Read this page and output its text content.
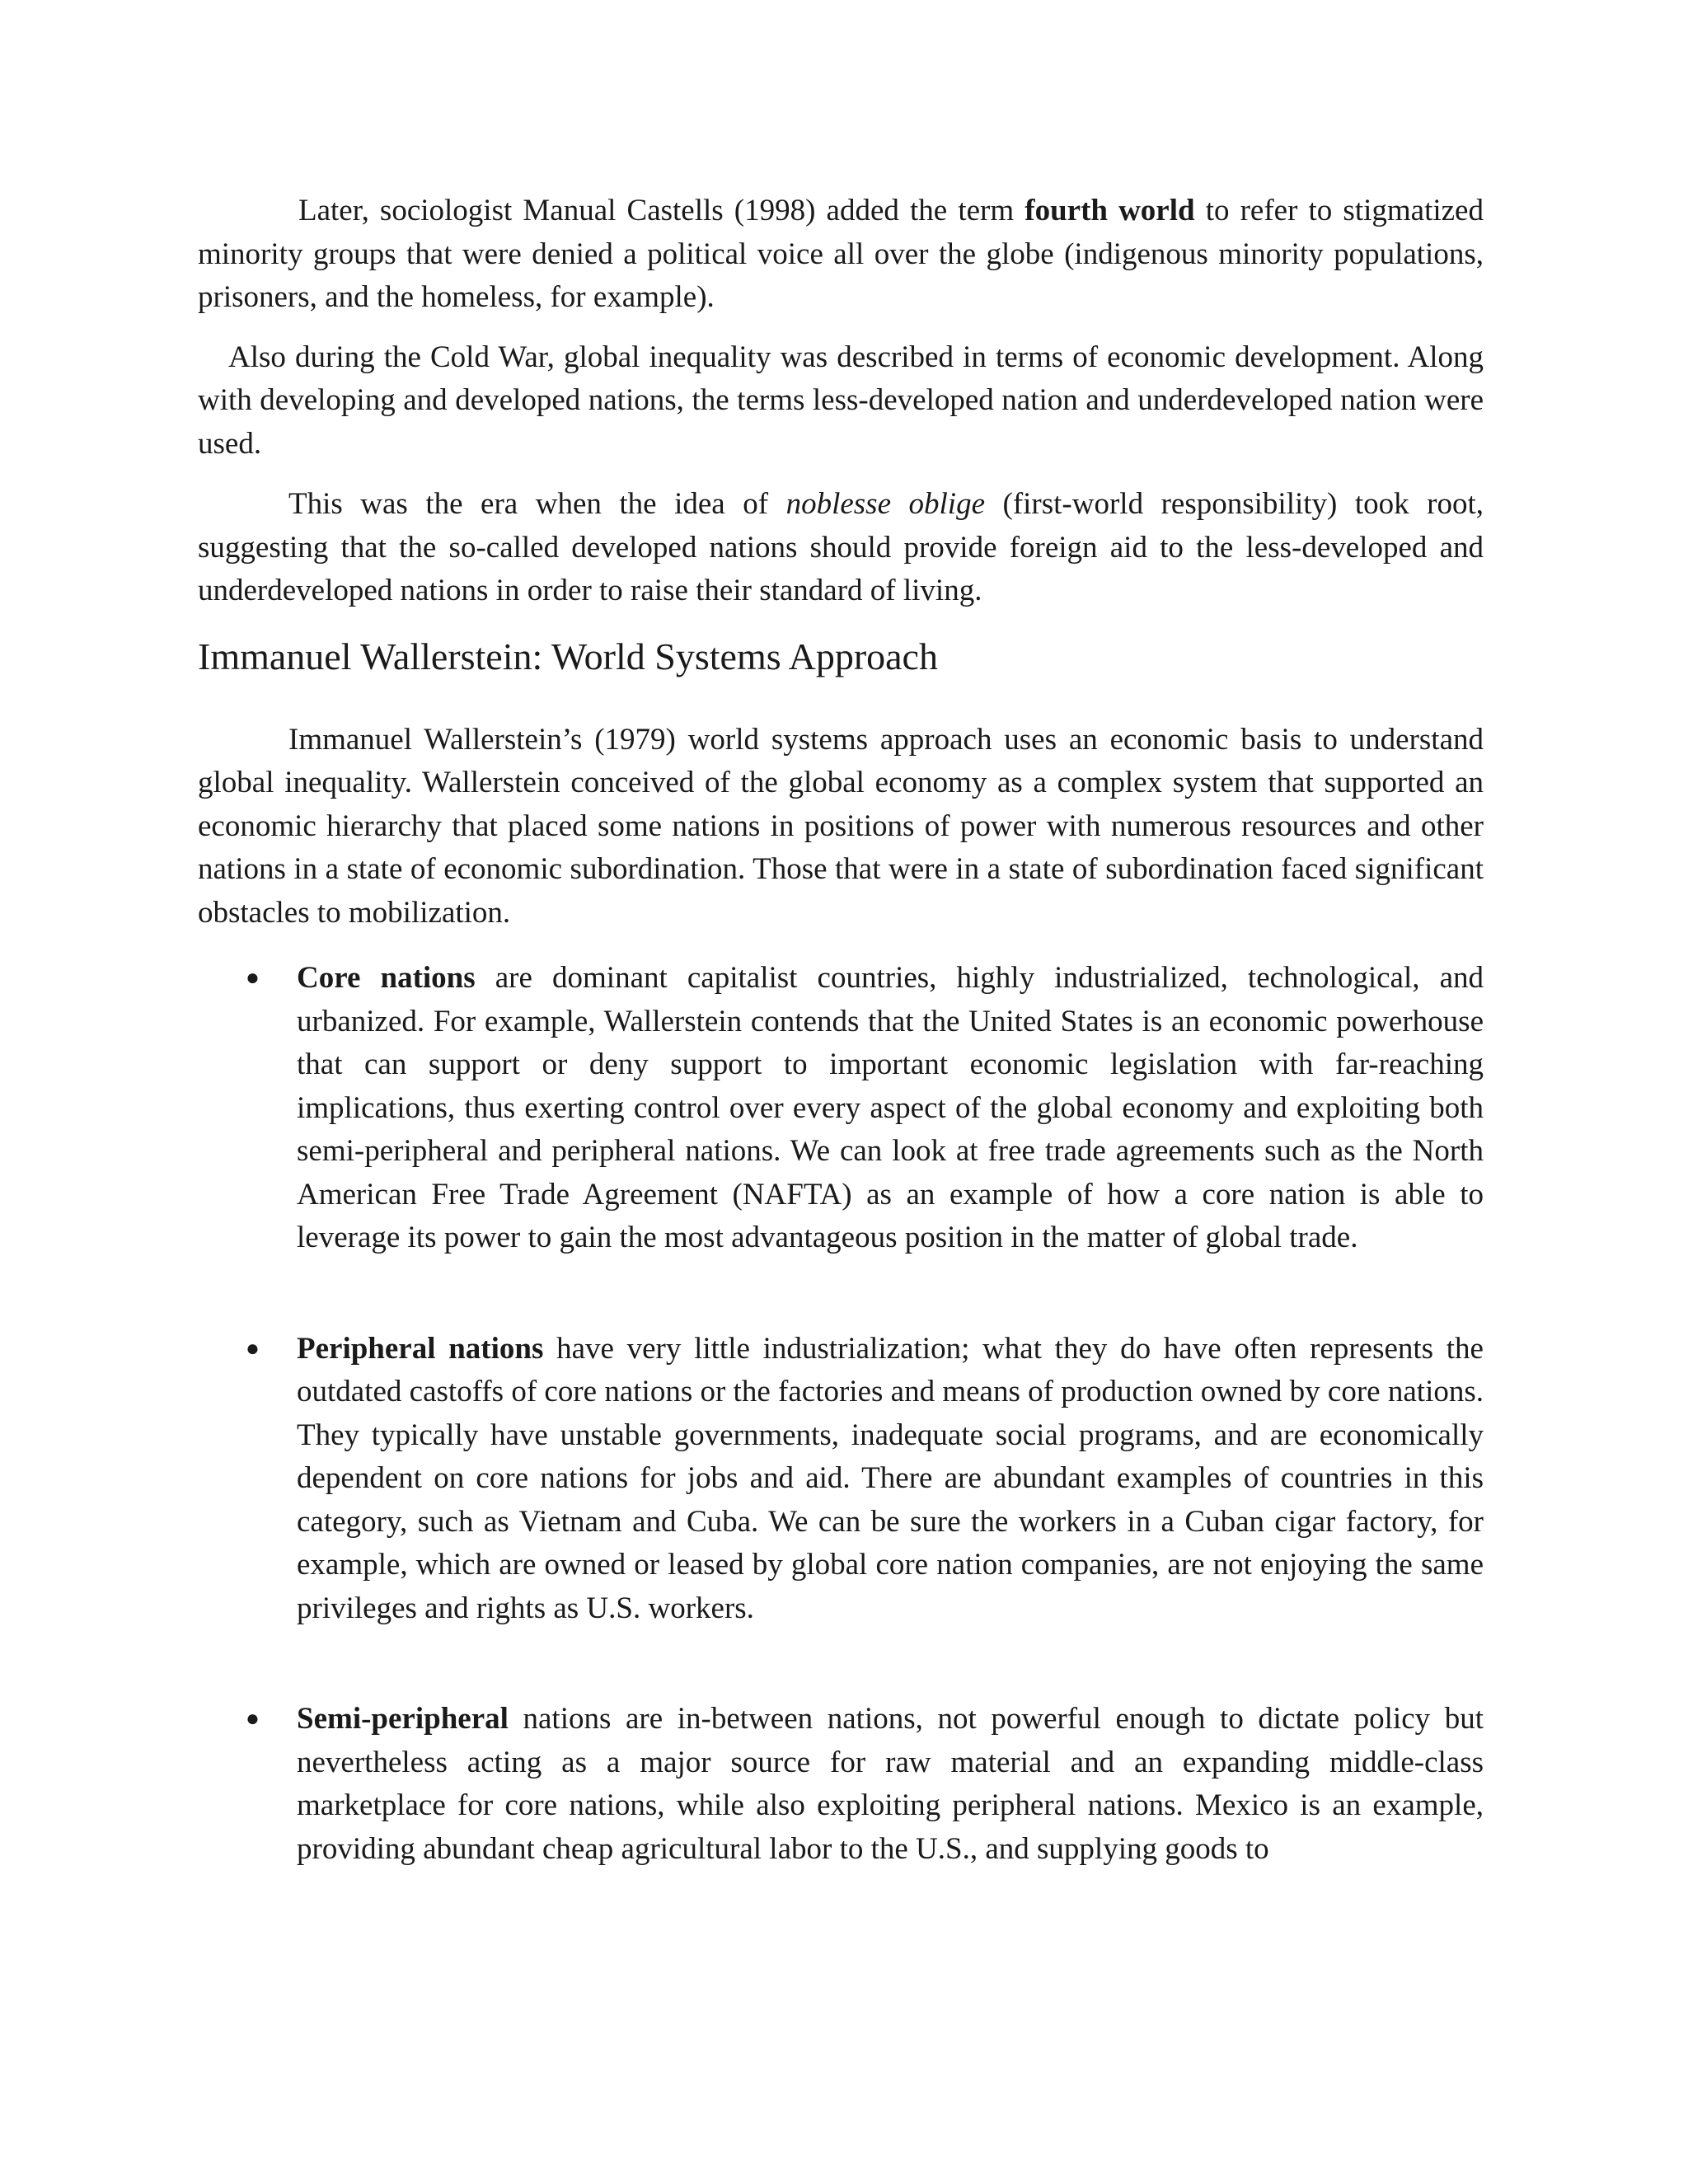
Later, sociologist Manual Castells (1998) added the term fourth world to refer to stigmatized minority groups that were denied a political voice all over the globe (indigenous minority populations, prisoners, and the homeless, for example).

Also during the Cold War, global inequality was described in terms of economic development. Along with developing and developed nations, the terms less-developed nation and underdeveloped nation were used.

This was the era when the idea of noblesse oblige (first-world responsibility) took root, suggesting that the so-called developed nations should provide foreign aid to the less-developed and underdeveloped nations in order to raise their standard of living.

Immanuel Wallerstein: World Systems Approach

Immanuel Wallerstein’s (1979) world systems approach uses an economic basis to understand global inequality. Wallerstein conceived of the global economy as a complex system that supported an economic hierarchy that placed some nations in positions of power with numerous resources and other nations in a state of economic subordination. Those that were in a state of subordination faced significant obstacles to mobilization.

● Core nations are dominant capitalist countries, highly industrialized, technological, and urbanized. For example, Wallerstein contends that the United States is an economic powerhouse that can support or deny support to important economic legislation with far-reaching implications, thus exerting control over every aspect of the global economy and exploiting both semi-peripheral and peripheral nations. We can look at free trade agreements such as the North American Free Trade Agreement (NAFTA) as an example of how a core nation is able to leverage its power to gain the most advantageous position in the matter of global trade.
● Peripheral nations have very little industrialization; what they do have often represents the outdated castoffs of core nations or the factories and means of production owned by core nations. They typically have unstable governments, inadequate social programs, and are economically dependent on core nations for jobs and aid. There are abundant examples of countries in this category, such as Vietnam and Cuba. We can be sure the workers in a Cuban cigar factory, for example, which are owned or leased by global core nation companies, are not enjoying the same privileges and rights as U.S. workers.
● Semi-peripheral nations are in-between nations, not powerful enough to dictate policy but nevertheless acting as a major source for raw material and an expanding middle-class marketplace for core nations, while also exploiting peripheral nations. Mexico is an example, providing abundant cheap agricultural labor to the U.S., and supplying goods to
